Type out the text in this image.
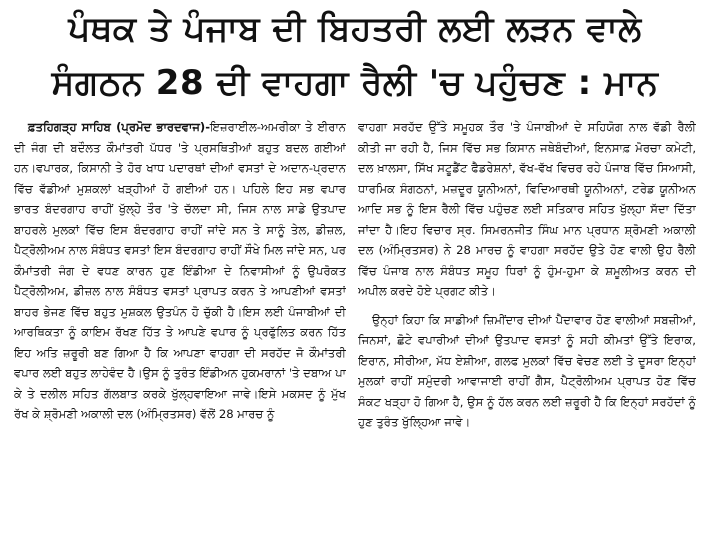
ਪੰਥਕ ਤੇ ਪੰਜਾਬ ਦੀ ਬਿਹਤਰੀ ਲਈ ਲੜਨ ਵਾਲੇ
ਸੰਗਠਨ 28 ਦੀ ਵਾਹਗਾ ਰੈਲੀ 'ਚ ਪਹੁੰਚਣ : ਮਾਨ

ਫ਼ਤਹਿਗੜ੍ਹ ਸਾਹਿਬ (ਪ੍ਰਮੋਦ ਭਾਰਦਵਾਜ)-ਇਜ਼ਰਾਈਲ-ਅਮਰੀਕਾ ਤੇ ਈਰਾਨ ਦੀ ਜੰਗ ਦੀ ਬਦੌਲਤ ਕੌਮਾਂਤਰੀ ਪੱਧਰ 'ਤੇ ਪ੍ਰਸਥਿਤੀਆਂ ਬਹੁਤ ਬਦਲ ਗਈਆਂ ਹਨ।ਵਪਾਰਕ, ਕਿਸਾਨੀ ਤੇ ਹੋਰ ਖਾਧ ਪਦਾਰਥਾਂ ਦੀਆਂ ਵਸਤਾਂ ਦੇ ਅਦਾਨ-ਪ੍ਰਦਾਨ ਵਿੱਚ ਵੱਡੀਆਂ ਮੁਸ਼ਕਲਾਂ ਖੜ੍ਹੀਆਂ ਹੋ ਗਈਆਂ ਹਨ। ਪਹਿਲੇ ਇਹ ਸਭ ਵਪਾਰ ਭਾਰਤ ਬੰਦਰਗਾਹ ਰਾਹੀਂ ਖੁੱਲ੍ਹੇ ਤੌਰ 'ਤੇ ਚੱਲਦਾ ਸੀ, ਜਿਸ ਨਾਲ ਸਾਡੇ ਉਤਪਾਦ ਬਾਹਰਲੇ ਮੁਲਕਾਂ ਵਿੱਚ ਇਸ ਬੰਦਰਗਾਹ ਰਾਹੀਂ ਜਾਂਦੇ ਸਨ ਤੇ ਸਾਨੂੰ ਤੇਲ, ਡੀਜ਼ਲ, ਪੈਟ੍ਰੋਲੀਅਮ ਨਾਲ ਸੰਬੰਧਤ ਵਸਤਾਂ ਇਸ ਬੰਦਰਗਾਹ ਰਾਹੀਂ ਸੌਖੇ ਮਿਲ ਜਾਂਦੇ ਸਨ, ਪਰ ਕੌਮਾਂਤਰੀ ਜੰਗ ਦੇ ਵਧਣ ਕਾਰਨ ਹੁਣ ਇੰਡੀਆ ਦੇ ਨਿਵਾਸੀਆਂ ਨੂੰ ਉਪਰੋਕਤ ਪੈਟ੍ਰੋਲੀਅਮ, ਡੀਜ਼ਲ ਨਾਲ ਸੰਬੰਧਤ ਵਸਤਾਂ ਪ੍ਰਾਪਤ ਕਰਨ ਤੇ ਆਪਣੀਆਂ ਵਸਤਾਂ ਬਾਹਰ ਭੇਜਣ ਵਿੱਚ ਬਹੁਤ ਮੁਸ਼ਕਲ ਉਤਪੰਨ ਹੋ ਚੁੱਕੀ ਹੈ।ਇਸ ਲਈ ਪੰਜਾਬੀਆਂ ਦੀ ਆਰਥਿਕਤਾ ਨੂੰ ਕਾਇਮ ਰੱਖਣ ਹਿੱਤ ਤੇ ਆਪਣੇ ਵਪਾਰ ਨੂੰ ਪ੍ਰਫੁੱਲਿਤ ਕਰਨ ਹਿੱਤ ਇਹ ਅਤਿ ਜ਼ਰੂਰੀ ਬਣ ਗਿਆ ਹੈ ਕਿ ਆਪਣਾ ਵਾਹਗਾ ਦੀ ਸਰਹੱਦ ਜੋ ਕੌਮਾਂਤਰੀ ਵਪਾਰ ਲਈ ਬਹੁਤ ਲਾਹੇਵੰਦ ਹੈ।ਉਸ ਨੂੰ ਤੁਰੰਤ ਇੰਡੀਅਨ ਹੁਕਮਰਾਨਾਂ 'ਤੇ ਦਬਾਅ ਪਾ ਕੇ ਤੇ ਦਲੀਲ ਸਹਿਤ ਗੱਲਬਾਤ ਕਰਕੇ ਖੁੱਲ੍ਹਵਾਇਆ ਜਾਵੇ।ਇਸੇ ਮਕਸਦ ਨੂੰ ਮੁੱਖ ਰੱਖ ਕੇ ਸ਼੍ਰੋਮਣੀ ਅਕਾਲੀ ਦਲ (ਅੰਮ੍ਰਿਤਸਰ) ਵੱਲੋਂ 28 ਮਾਰਚ ਨੂੰ

ਵਾਹਗਾ ਸਰਹੱਦ ਉੱਤੇ ਸਮੂਹਕ ਤੌਰ 'ਤੇ ਪੰਜਾਬੀਆਂ ਦੇ ਸਹਿਯੋਗ ਨਾਲ ਵੱਡੀ ਰੈਲੀ ਕੀਤੀ ਜਾ ਰਹੀ ਹੈ, ਜਿਸ ਵਿੱਚ ਸਭ ਕਿਸਾਨ ਜਥੇਬੰਦੀਆਂ, ਇਨਸਾਫ਼ ਮੋਰਚਾ ਕਮੇਟੀ, ਦਲ ਖ਼ਾਲਸਾ, ਸਿੱਖ ਸਟੂਡੈਂਟ ਫੈਡਰੇਸ਼ਨਾਂ, ਵੱਖ-ਵੱਖ ਵਿਚਰ ਰਹੇ ਪੰਜਾਬ ਵਿੱਚ ਸਿਆਸੀ, ਧਾਰਮਿਕ ਸੰਗਠਨਾਂ, ਮਜ਼ਦੂਰ ਯੂਨੀਅਨਾਂ, ਵਿਦਿਆਰਥੀ ਯੂਨੀਅਨਾਂ, ਟਰੇਡ ਯੂਨੀਅਨ ਆਦਿ ਸਭ ਨੂੰ ਇਸ ਰੈਲੀ ਵਿੱਚ ਪਹੁੰਚਣ ਲਈ ਸਤਿਕਾਰ ਸਹਿਤ ਖੁੱਲ੍ਹਾ ਸੱਦਾ ਦਿੱਤਾ ਜਾਂਦਾ ਹੈ।ਇਹ ਵਿਚਾਰ ਸ੍ਰ. ਸਿਮਰਨਜੀਤ ਸਿੰਘ ਮਾਨ ਪ੍ਰਧਾਨ ਸ਼੍ਰੋਮਣੀ ਅਕਾਲੀ ਦਲ (ਅੰਮ੍ਰਿਤਸਰ) ਨੇ 28 ਮਾਰਚ ਨੂੰ ਵਾਹਗਾ ਸਰਹੱਦ ਉਤੇ ਹੋਣ ਵਾਲੀ ਉਹ ਰੈਲੀ ਵਿੱਚ ਪੰਜਾਬ ਨਾਲ ਸੰਬੰਧਤ ਸਮੂਹ ਧਿਰਾਂ ਨੂੰ ਹੁੰਮ-ਹੁਮਾ ਕੇ ਸ਼ਮੂਲੀਅਤ ਕਰਨ ਦੀ ਅਪੀਲ ਕਰਦੇ ਹੋਏ ਪ੍ਰਗਟ ਕੀਤੇ।

ਉਨ੍ਹਾਂ ਕਿਹਾ ਕਿ ਸਾਡੀਆਂ ਜ਼ਿਮੀਂਦਾਰ ਦੀਆਂ ਪੈਦਾਵਾਰ ਹੋਣ ਵਾਲੀਆਂ ਸਬਜ਼ੀਆਂ, ਜਿਨਸਾਂ, ਛੋਟੇ ਵਪਾਰੀਆਂ ਦੀਆਂ ਉਤਪਾਦ ਵਸਤਾਂ ਨੂੰ ਸਹੀ ਕੀਮਤਾਂ ਉੱਤੇ ਇਰਾਕ, ਇਰਾਨ, ਸੀਰੀਆ, ਮੱਧ ਏਸ਼ੀਆ, ਗਲਫ ਮੁਲਕਾਂ ਵਿੱਚ ਵੇਚਣ ਲਈ ਤੇ ਦੂਸਰਾ ਇਨ੍ਹਾਂ ਮੁਲਕਾਂ ਰਾਹੀਂ ਸਮੁੰਦਰੀ ਆਵਾਜਾਈ ਰਾਹੀਂ ਗੈਸ, ਪੈਟ੍ਰੋਲੀਅਮ ਪ੍ਰਾਪਤ ਹੋਣ ਵਿੱਚ ਸੰਕਟ ਖੜ੍ਹਾ ਹੋ ਗਿਆ ਹੈ, ਉਸ ਨੂੰ ਹੱਲ ਕਰਨ ਲਈ ਜ਼ਰੂਰੀ ਹੈ ਕਿ ਇਨ੍ਹਾਂ ਸਰਹੱਦਾਂ ਨੂੰ ਹੁਣ ਤੁਰੰਤ ਖੁੱਲ੍ਹਿਆ ਜਾਵੇ।
